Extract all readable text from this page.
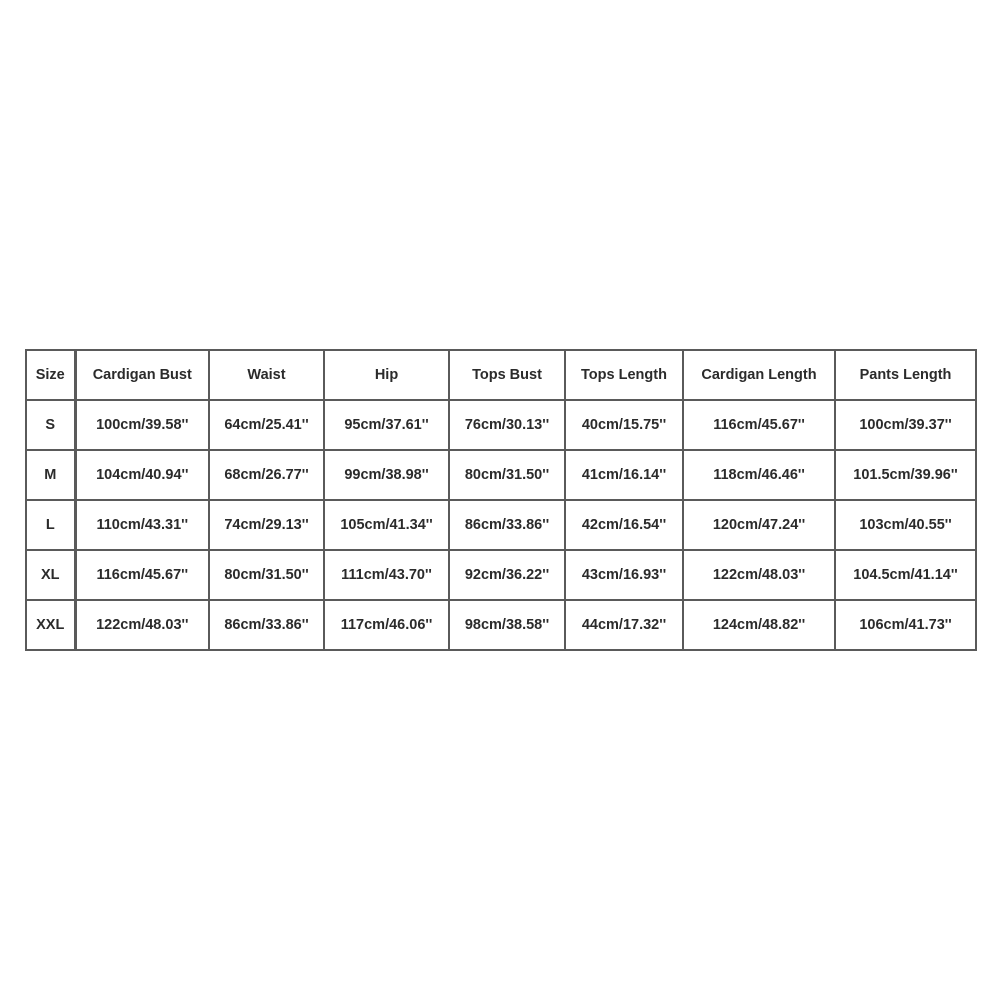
Size	Cardigan Bust	Waist	Hip	Tops Bust	Tops Length	Cardigan Length	Pants Length
S	100cm/39.58''	64cm/25.41''	95cm/37.61''	76cm/30.13''	40cm/15.75''	116cm/45.67''	100cm/39.37''
M	104cm/40.94''	68cm/26.77''	99cm/38.98''	80cm/31.50''	41cm/16.14''	118cm/46.46''	101.5cm/39.96''
L	110cm/43.31''	74cm/29.13''	105cm/41.34''	86cm/33.86''	42cm/16.54''	120cm/47.24''	103cm/40.55''
XL	116cm/45.67''	80cm/31.50''	111cm/43.70''	92cm/36.22''	43cm/16.93''	122cm/48.03''	104.5cm/41.14''
XXL	122cm/48.03''	86cm/33.86''	117cm/46.06''	98cm/38.58''	44cm/17.32''	124cm/48.82''	106cm/41.73''
